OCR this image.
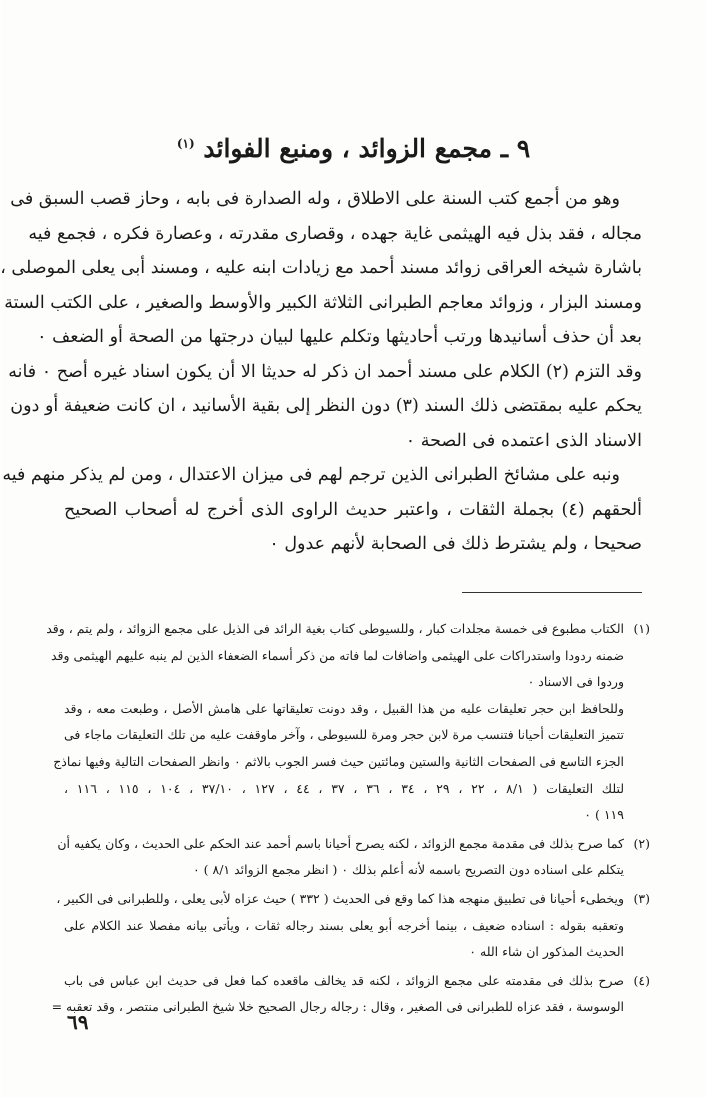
٩ ـ مجمع الزوائد ، ومنبع الفوائد $^{(١)}$

وهو من أجمع كتب السنة على الاطلاق ، وله الصدارة فى بابه ، وحاز قصب السبق فى
مجاله ، فقد بذل فيه الهيثمى غاية جهده ، وقصارى مقدرته ، وعصارة فكره ، فجمع فيه
باشارة شيخه العراقى زوائد مسند أحمد مع زيادات ابنه عليه ، ومسند أبى يعلى الموصلى ،
ومسند البزار ، وزوائد معاجم الطبرانى الثلاثة الكبير والأوسط والصغير ، على الكتب الستة
بعد أن حذف أسانيدها ورتب أحاديثها وتكلم عليها لبيان درجتها من الصحة أو الضعف ٠

وقد التزم (٢) الكلام على مسند أحمد ان ذكر له حديثا الا أن يكون اسناد غيره أصح ٠ فانه
يحكم عليه بمقتضى ذلك السند (٣) دون النظر إلى بقية الأسانيد ، ان كانت ضعيفة أو دون
الاسناد الذى اعتمده فى الصحة ٠

ونبه على مشائخ الطبرانى الذين ترجم لهم فى ميزان الاعتدال ، ومن لم يذكر منهم فيه
ألحقهم (٤) بجملة الثقات ، واعتبر حديث الراوى الذى أخرج له أصحاب الصحيح
صحيحا ، ولم يشترط ذلك فى الصحابة لأنهم عدول ٠

(١)الكتاب مطبوع فى خمسة مجلدات كبار ، وللسيوطى كتاب بغية الرائد فى الذيل على مجمع الزوائد ، ولم يتم ، وقد
ضمنه ردودا واستدراكات على الهيثمى واضافات لما فاته من ذكر أسماء الضعفاء الذين لم ينبه عليهم الهيثمى وقد
وردوا فى الاسناد ٠
وللحافظ ابن حجر تعليقات عليه من هذا القبيل ، وقد دونت تعليقاتها على هامش الأصل ، وطبعت معه ، وقد
تتميز التعليقات أحيانا فتنسب مرة لابن حجر ومرة للسيوطى ، وآخر ماوقفت عليه من تلك التعليقات ماجاء فى
الجزء التاسع فى الصفحات الثانية والستين ومائتين حيث فسر الجوب بالاثم ٠ وانظر الصفحات التالية وفيها نماذج
لتلك التعليقات ( ٨/١ ، ٢٢ ، ٢٩ ، ٣٤ ، ٣٦ ، ٣٧ ، ٤٤ ، ١٢٧ ، ٣٧/١٠ ، ١٠٤ ، ١١٥ ، ١١٦ ،
١١٩ ) ٠
(٢)كما صرح بذلك فى مقدمة مجمع الزوائد ، لكنه يصرح أحيانا باسم أحمد عند الحكم على الحديث ، وكان يكفيه أن
يتكلم على اسناده دون التصريح باسمه لأنه أعلم بذلك ٠ ( انظر مجمع الزوائد ٨/١ ) ٠
(٣)ويخطىء أحيانا فى تطبيق منهجه هذا كما وقع فى الحديث ( ٣٣٢ ) حيث عزاه لأبى يعلى ، وللطبرانى فى الكبير ،
وتعقبه بقوله : اسناده ضعيف ، بينما أخرجه أبو يعلى بسند رجاله ثقات ، ويأتى بيانه مفصلا عند الكلام على
الحديث المذكور ان شاء الله ٠
(٤)صرح بذلك فى مقدمته على مجمع الزوائد ، لكنه قد يخالف ماقعده كما فعل فى حديث ابن عباس فى باب
الوسوسة ، فقد عزاه للطبرانى فى الصغير ، وقال : رجاله رجال الصحيح خلا شيخ الطبرانى منتصر ، وقد تعقبه =
٦٩
